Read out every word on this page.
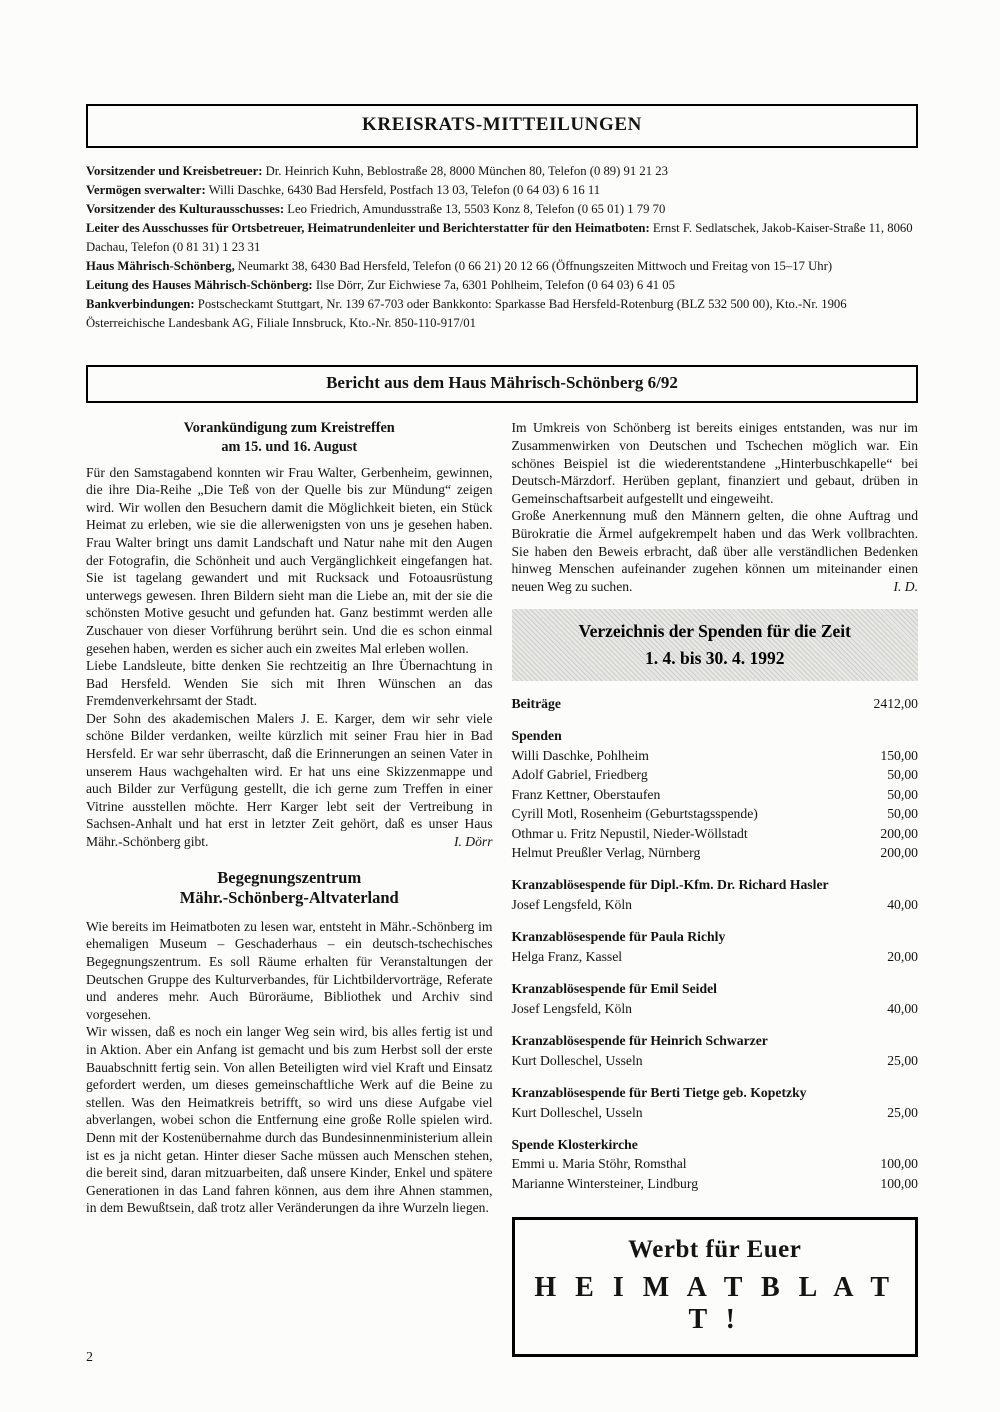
KREISRATS-MITTEILUNGEN

Vorsitzender und Kreisbetreuer: Dr. Heinrich Kuhn, Beblostraße 28, 8000 München 80, Telefon (0 89) 91 21 23

Vermögen sverwalter: Willi Daschke, 6430 Bad Hersfeld, Postfach 13 03, Telefon (0 64 03) 6 16 11

Vorsitzender des Kulturausschusses: Leo Friedrich, Amundusstraße 13, 5503 Konz 8, Telefon (0 65 01) 1 79 70

Leiter des Ausschusses für Ortsbetreuer, Heimatrundenleiter und Berichterstatter für den Heimatboten: Ernst F. Sedlatschek, Jakob-Kaiser-Straße 11, 8060 Dachau, Telefon (0 81 31) 1 23 31

Haus Mährisch-Schönberg, Neumarkt 38, 6430 Bad Hersfeld, Telefon (0 66 21) 20 12 66 (Öffnungszeiten Mittwoch und Freitag von 15–17 Uhr)

Leitung des Hauses Mährisch-Schönberg: Ilse Dörr, Zur Eichwiese 7a, 6301 Pohlheim, Telefon (0 64 03) 6 41 05

Bankverbindungen: Postscheckamt Stuttgart, Nr. 139 67-703 oder Bankkonto: Sparkasse Bad Hersfeld-Rotenburg (BLZ 532 500 00), Kto.-Nr. 1906 Österreichische Landesbank AG, Filiale Innsbruck, Kto.-Nr. 850-110-917/01

Bericht aus dem Haus Mährisch-Schönberg 6/92
Vorankündigung zum Kreistreffen
am 15. und 16. August

Für den Samstagabend konnten wir Frau Walter, Gerbenheim, gewinnen, die ihre Dia-Reihe „Die Teß von der Quelle bis zur Mündung“ zeigen wird. Wir wollen den Besuchern damit die Möglichkeit bieten, ein Stück Heimat zu erleben, wie sie die allerwenigsten von uns je gesehen haben. Frau Walter bringt uns damit Landschaft und Natur nahe mit den Augen der Fotografin, die Schönheit und auch Vergänglichkeit eingefangen hat. Sie ist tagelang gewandert und mit Rucksack und Fotoausrüstung unterwegs gewesen. Ihren Bildern sieht man die Liebe an, mit der sie die schönsten Motive gesucht und gefunden hat. Ganz bestimmt werden alle Zuschauer von dieser Vorführung berührt sein. Und die es schon einmal gesehen haben, werden es sicher auch ein zweites Mal erleben wollen.

Liebe Landsleute, bitte denken Sie rechtzeitig an Ihre Übernachtung in Bad Hersfeld. Wenden Sie sich mit Ihren Wünschen an das Fremdenverkehrsamt der Stadt.

Der Sohn des akademischen Malers J. E. Karger, dem wir sehr viele schöne Bilder verdanken, weilte kürzlich mit seiner Frau hier in Bad Hersfeld. Er war sehr überrascht, daß die Erinnerungen an seinen Vater in unserem Haus wachgehalten wird. Er hat uns eine Skizzenmappe und auch Bilder zur Verfügung gestellt, die ich gerne zum Treffen in einer Vitrine ausstellen möchte. Herr Karger lebt seit der Vertreibung in Sachsen-Anhalt und hat erst in letzter Zeit gehört, daß es unser Haus Mähr.-Schönberg gibt.	I. Dörr

Begegnungszentrum
Mähr.-Schönberg-Altvaterland

Wie bereits im Heimatboten zu lesen war, entsteht in Mähr.-Schönberg im ehemaligen Museum – Geschaderhaus – ein deutsch-tschechisches Begegnungszentrum. Es soll Räume erhalten für Veranstaltungen der Deutschen Gruppe des Kulturverbandes, für Lichtbildervorträge, Referate und anderes mehr. Auch Büroräume, Bibliothek und Archiv sind vorgesehen.

Wir wissen, daß es noch ein langer Weg sein wird, bis alles fertig ist und in Aktion. Aber ein Anfang ist gemacht und bis zum Herbst soll der erste Bauabschnitt fertig sein. Von allen Beteiligten wird viel Kraft und Einsatz gefordert werden, um dieses gemeinschaftliche Werk auf die Beine zu stellen. Was den Heimatkreis betrifft, so wird uns diese Aufgabe viel abverlangen, wobei schon die Entfernung eine große Rolle spielen wird. Denn mit der Kostenübernahme durch das Bundesinnenministerium allein ist es ja nicht getan. Hinter dieser Sache müssen auch Menschen stehen, die bereit sind, daran mitzuarbeiten, daß unsere Kinder, Enkel und spätere Generationen in das Land fahren können, aus dem ihre Ahnen stammen, in dem Bewußtsein, daß trotz aller Veränderungen da ihre Wurzeln liegen.

Im Umkreis von Schönberg ist bereits einiges entstanden, was nur im Zusammenwirken von Deutschen und Tschechen möglich war. Ein schönes Beispiel ist die wiederentstandene „Hinterbuschkapelle“ bei Deutsch-Märzdorf. Herüben geplant, finanziert und gebaut, drüben in Gemeinschaftsarbeit aufgestellt und eingeweiht.

Große Anerkennung muß den Männern gelten, die ohne Auftrag und Bürokratie die Ärmel aufgekrempelt haben und das Werk vollbrachten. Sie haben den Beweis erbracht, daß über alle verständlichen Bedenken hinweg Menschen aufeinander zugehen können um miteinander einen neuen Weg zu suchen.	I. D.

Verzeichnis der Spenden für die Zeit
1. 4. bis 30. 4. 1992
Beiträge	2412,00
Spenden
Willi Daschke, Pohlheim	150,00
Adolf Gabriel, Friedberg	50,00
Franz Kettner, Oberstaufen	50,00
Cyrill Motl, Rosenheim (Geburtstagsspende)	50,00
Othmar u. Fritz Nepustil, Nieder-Wöllstadt	200,00
Helmut Preußler Verlag, Nürnberg	200,00
Kranzablösespende für Dipl.-Kfm. Dr. Richard Hasler
Josef Lengsfeld, Köln	40,00
Kranzablösespende für Paula Richly
Helga Franz, Kassel	20,00
Kranzablösespende für Emil Seidel
Josef Lengsfeld, Köln	40,00
Kranzablösespende für Heinrich Schwarzer
Kurt Dolleschel, Usseln	25,00
Kranzablösespende für Berti Tietge geb. Kopetzky
Kurt Dolleschel, Usseln	25,00
Spende Klosterkirche
Emmi u. Maria Stöhr, Romsthal	100,00
Marianne Wintersteiner, Lindburg	100,00
Werbt für Euer
H E I M A T B L A T T !
2
